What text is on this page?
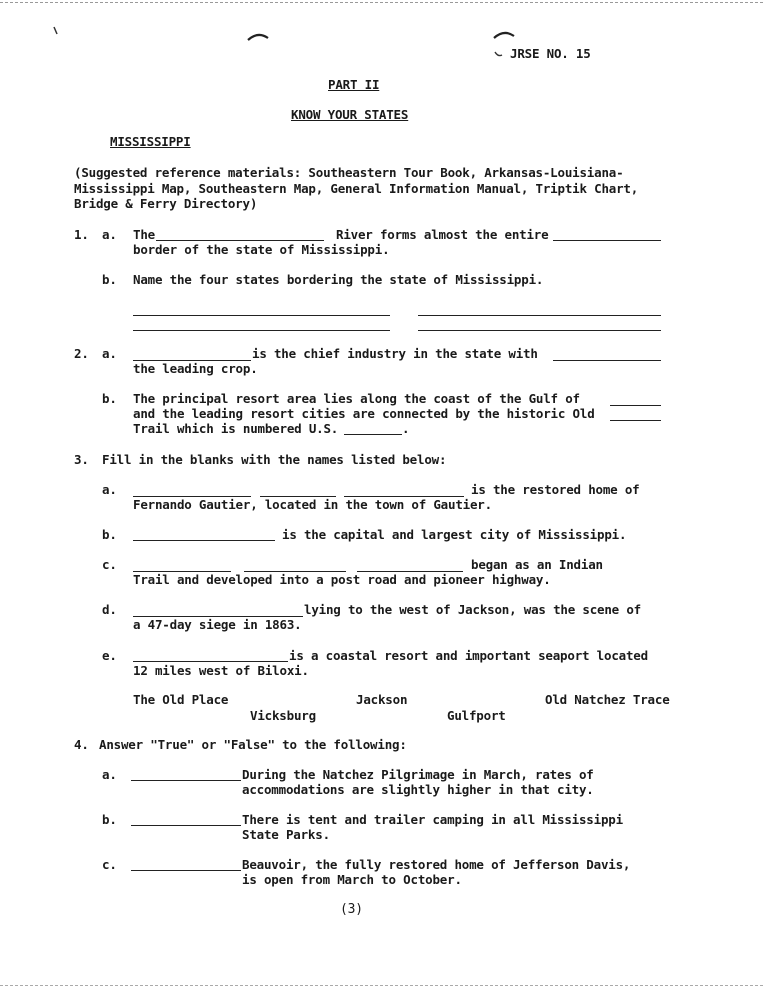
JRSE NO. 15
PART II
KNOW YOUR STATES
MISSISSIPPI
(Suggested reference materials: Southeastern Tour Book, Arkansas-Louisiana-
Mississippi Map, Southeastern Map, General Information Manual, Triptik Chart,
Bridge & Ferry Directory)
1. a. The	River forms almost the entire
border of the state of Mississippi.
b. Name the four states bordering the state of Mississippi.
2. a.	is the chief industry in the state with
the leading crop.
b. The principal resort area lies along the coast of the Gulf of
and the leading resort cities are connected by the historic Old
Trail which is numbered U.S.	.
3. Fill in the blanks with the names listed below:
a.	is the restored home of
Fernando Gautier, located in the town of Gautier.
b.	is the capital and largest city of Mississippi.
c.	began as an Indian
Trail and developed into a post road and pioneer highway.
d.	lying to the west of Jackson, was the scene of
a 47-day siege in 1863.
e.	is a coastal resort and important seaport located
12 miles west of Biloxi.
The Old Place	Jackson	Old Natchez Trace
Vicksburg	Gulfport
4. Answer "True" or "False" to the following:
a.	During the Natchez Pilgrimage in March, rates of
accommodations are slightly higher in that city.
b.	There is tent and trailer camping in all Mississippi
State Parks.
c.	Beauvoir, the fully restored home of Jefferson Davis,
is open from March to October.
(3)
